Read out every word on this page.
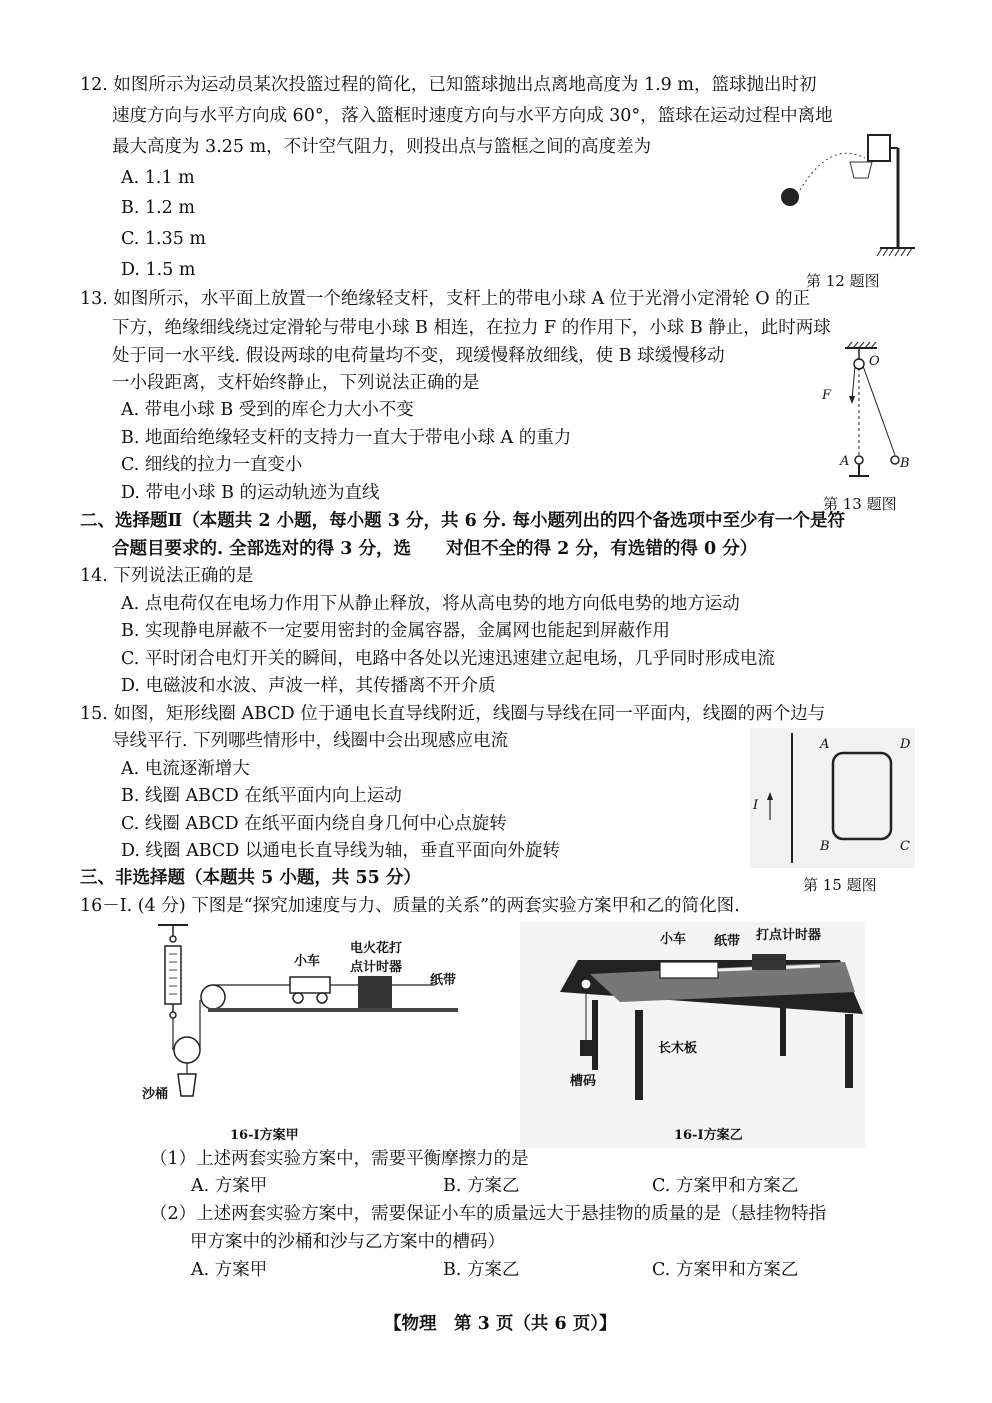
12. 如图所示为运动员某次投篮过程的简化，已知篮球抛出点离地高度为 1.9 m，篮球抛出时初
速度方向与水平方向成 60°，落入篮框时速度方向与水平方向成 30°，篮球在运动过程中离地
最大高度为 3.25 m，不计空气阻力，则投出点与篮框之间的高度差为
A. 1.1 m
B. 1.2 m
C. 1.35 m
D. 1.5 m
第 12 题图
13. 如图所示，水平面上放置一个绝缘轻支杆，支杆上的带电小球 A 位于光滑小定滑轮 O 的正
下方，绝缘细线绕过定滑轮与带电小球 B 相连，在拉力 F 的作用下，小球 B 静止，此时两球
处于同一水平线. 假设两球的电荷量均不变，现缓慢释放细线，使 B 球缓慢移动
一小段距离，支杆始终静止，下列说法正确的是
A. 带电小球 B 受到的库仑力大小不变
B. 地面给绝缘轻支杆的支持力一直大于带电小球 A 的重力
C. 细线的拉力一直变小
D. 带电小球 B 的运动轨迹为直线
O
F
A	B
第 13 题图
二、选择题Ⅱ（本题共 2 小题，每小题 3 分，共 6 分. 每小题列出的四个备选项中至少有一个是符
合题目要求的. 全部选对的得 3 分，选　　对但不全的得 2 分，有选错的得 0 分）
14. 下列说法正确的是
A. 点电荷仅在电场力作用下从静止释放，将从高电势的地方向低电势的地方运动
B. 实现静电屏蔽不一定要用密封的金属容器，金属网也能起到屏蔽作用
C. 平时闭合电灯开关的瞬间，电路中各处以光速迅速建立起电场，几乎同时形成电流
D. 电磁波和水波、声波一样，其传播离不开介质
15. 如图，矩形线圈 ABCD 位于通电长直导线附近，线圈与导线在同一平面内，线圈的两个边与
导线平行. 下列哪些情形中，线圈中会出现感应电流
A. 电流逐渐增大
B. 线圈 ABCD 在纸平面内向上运动
C. 线圈 ABCD 在纸平面内绕自身几何中心点旋转
D. 线圈 ABCD 以通电长直导线为轴，垂直平面向外旋转
A	D
B	C
I
第 15 题图
三、非选择题（本题共 5 小题，共 55 分）
16－Ⅰ. (4 分) 下图是“探究加速度与力、质量的关系”的两套实验方案甲和乙的简化图.
小车
电火花打
点计时器
纸带
沙桶
16-Ⅰ方案甲
小车 纸带 打点计时器
长木板
槽码
16-Ⅰ方案乙
（1）上述两套实验方案中，需要平衡摩擦力的是
A. 方案甲	B. 方案乙	C. 方案甲和方案乙
（2）上述两套实验方案中，需要保证小车的质量远大于悬挂物的质量的是（悬挂物特指
甲方案中的沙桶和沙与乙方案中的槽码）
A. 方案甲	B. 方案乙	C. 方案甲和方案乙
【物理　第 3 页（共 6 页）】
